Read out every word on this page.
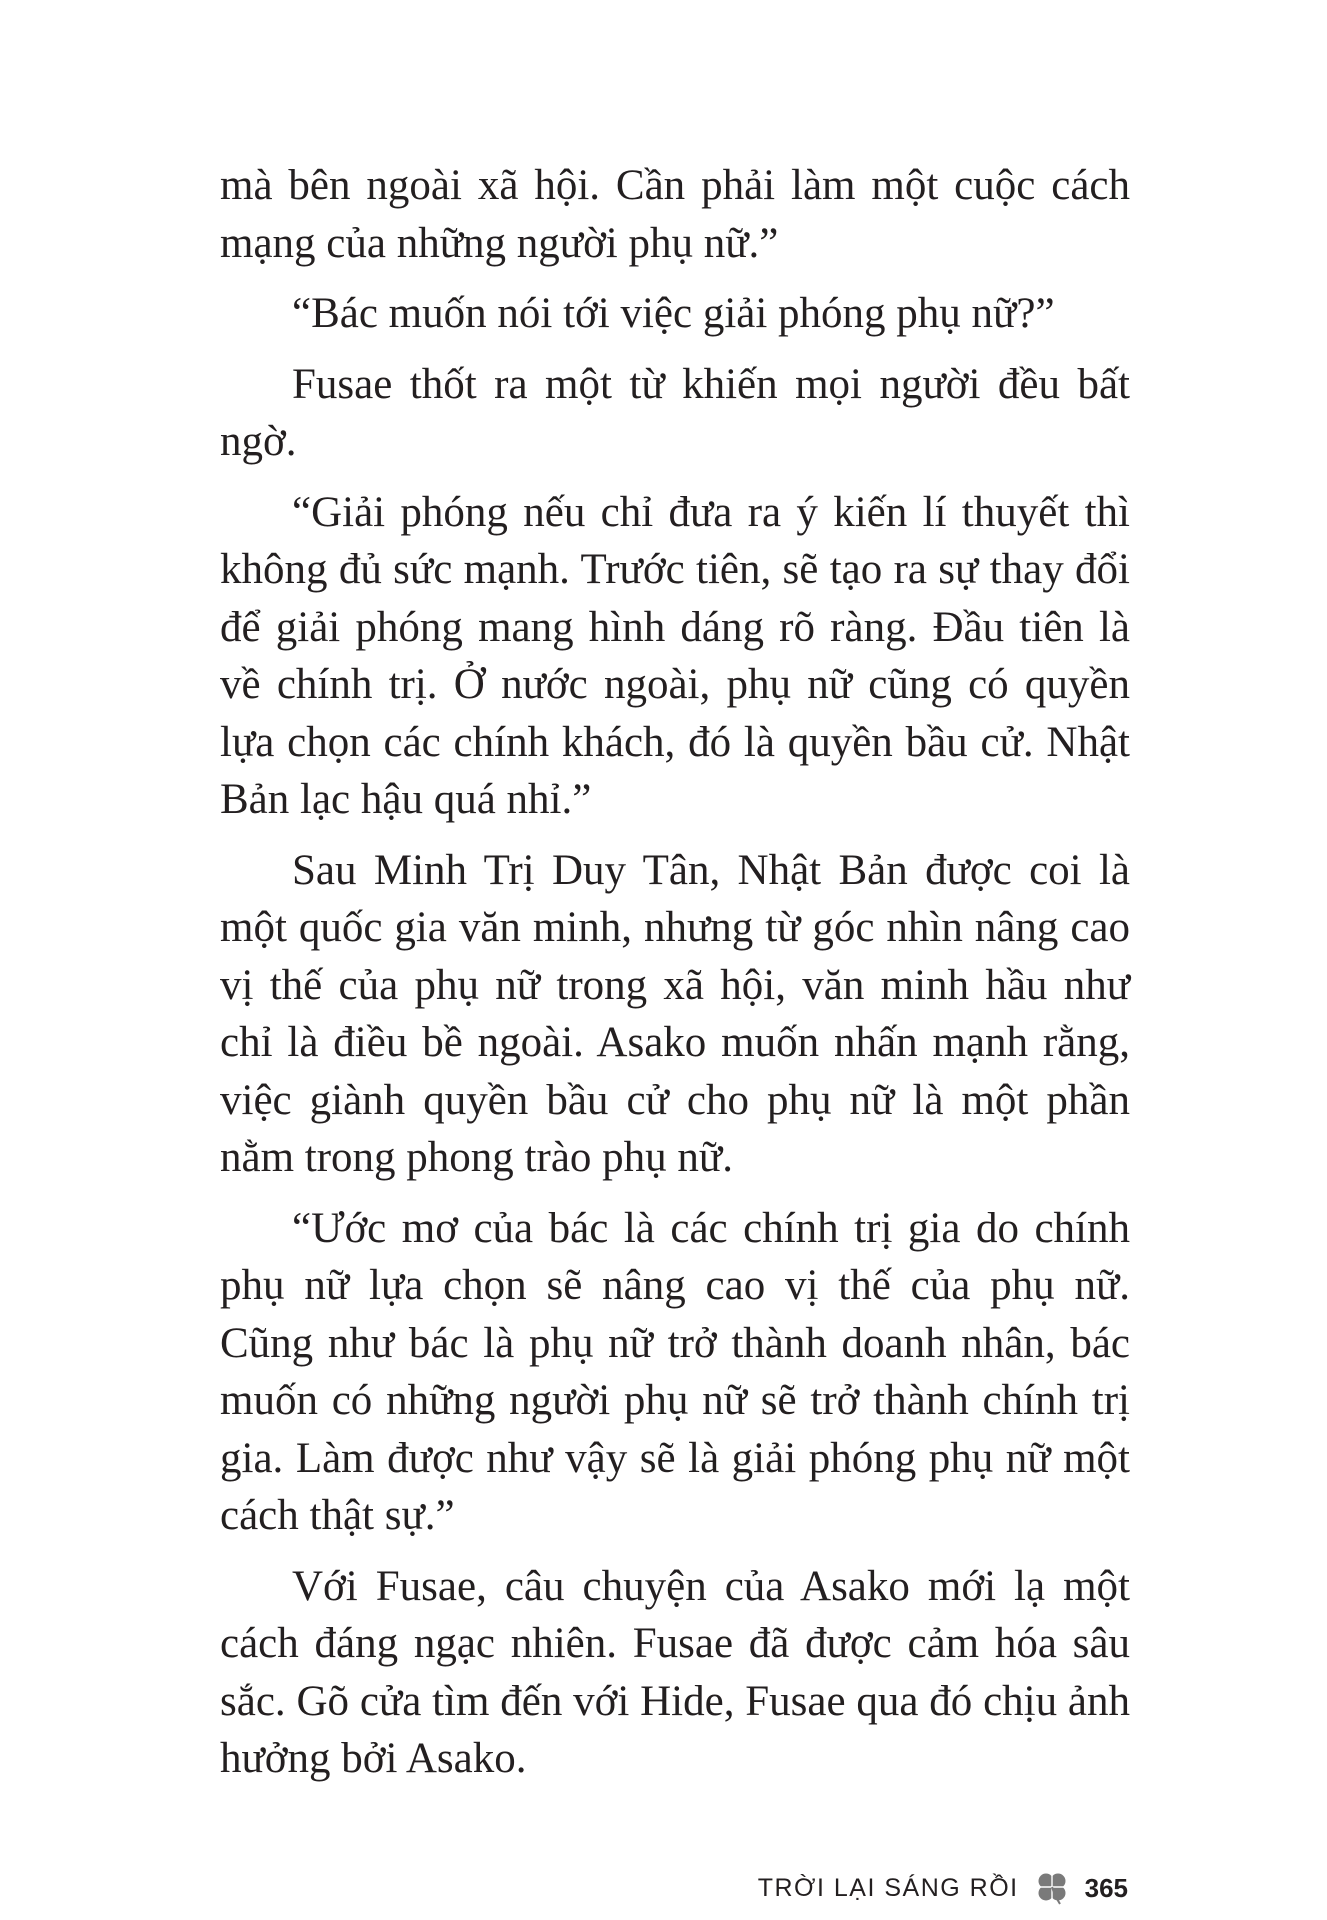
mà bên ngoài xã hội. Cần phải làm một cuộc cách mạng của những người phụ nữ.”

“Bác muốn nói tới việc giải phóng phụ nữ?”

Fusae thốt ra một từ khiến mọi người đều bất ngờ.

“Giải phóng nếu chỉ đưa ra ý kiến lí thuyết thì không đủ sức mạnh. Trước tiên, sẽ tạo ra sự thay đổi để giải phóng mang hình dáng rõ ràng. Đầu tiên là về chính trị. Ở nước ngoài, phụ nữ cũng có quyền lựa chọn các chính khách, đó là quyền bầu cử. Nhật Bản lạc hậu quá nhỉ.”

Sau Minh Trị Duy Tân, Nhật Bản được coi là một quốc gia văn minh, nhưng từ góc nhìn nâng cao vị thế của phụ nữ trong xã hội, văn minh hầu như chỉ là điều bề ngoài. Asako muốn nhấn mạnh rằng, việc giành quyền bầu cử cho phụ nữ là một phần nằm trong phong trào phụ nữ.

“Ước mơ của bác là các chính trị gia do chính phụ nữ lựa chọn sẽ nâng cao vị thế của phụ nữ. Cũng như bác là phụ nữ trở thành doanh nhân, bác muốn có những người phụ nữ sẽ trở thành chính trị gia. Làm được như vậy sẽ là giải phóng phụ nữ một cách thật sự.”

Với Fusae, câu chuyện của Asako mới lạ một cách đáng ngạc nhiên. Fusae đã được cảm hóa sâu sắc. Gõ cửa tìm đến với Hide, Fusae qua đó chịu ảnh hưởng bởi Asako.

TRỜI LẠI SÁNG RỒI	365
